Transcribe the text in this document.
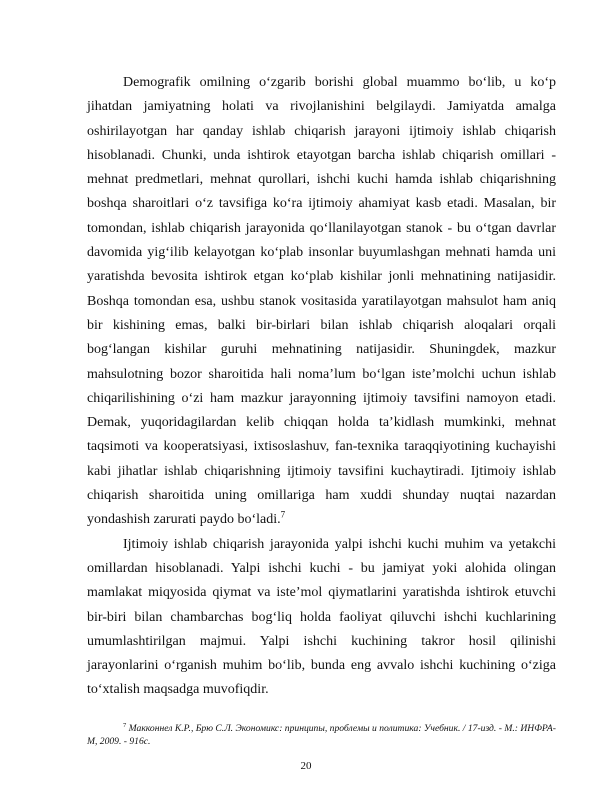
Demografik omilning o‘zgarib borishi global muammo bo‘lib, u ko‘p jihatdan jamiyatning holati va rivojlanishini belgilaydi. Jamiyatda amalga oshirilayotgan har qanday ishlab chiqarish jarayoni ijtimoiy ishlab chiqarish hisoblanadi. Chunki, unda ishtirok etayotgan barcha ishlab chiqarish omillari - mehnat predmetlari, mehnat qurollari, ishchi kuchi hamda ishlab chiqarishning boshqa sharoitlari o‘z tavsifiga ko‘ra ijtimoiy ahamiyat kasb etadi. Masalan, bir tomondan, ishlab chiqarish jarayonida qo‘llanilayotgan stanok - bu o‘tgan davrlar davomida yig‘ilib kelayotgan ko‘plab insonlar buyumlashgan mehnati hamda uni yaratishda bevosita ishtirok etgan ko‘plab kishilar jonli mehnatining natijasidir. Boshqa tomondan esa, ushbu stanok vositasida yaratilayotgan mahsulot ham aniq bir kishining emas, balki bir-birlari bilan ishlab chiqarish aloqalari orqali bog‘langan kishilar guruhi mehnatining natijasidir. Shuningdek, mazkur mahsulotning bozor sharoitida hali noma’lum bo‘lgan iste’molchi uchun ishlab chiqarilishining o‘zi ham mazkur jarayonning ijtimoiy tavsifini namoyon etadi. Demak, yuqoridagilardan kelib chiqqan holda ta’kidlash mumkinki, mehnat taqsimoti va kooperatsiyasi, ixtisoslashuv, fan-texnika taraqqiyotining kuchayishi kabi jihatlar ishlab chiqarishning ijtimoiy tavsifini kuchaytiradi. Ijtimoiy ishlab chiqarish sharoitida uning omillariga ham xuddi shunday nuqtai nazardan yondashish zarurati paydo bo‘ladi.$^7$

Ijtimoiy ishlab chiqarish jarayonida yalpi ishchi kuchi muhim va yetakchi omillardan hisoblanadi. Yalpi ishchi kuchi - bu jamiyat yoki alohida olingan mamlakat miqyosida qiymat va iste’mol qiymatlarini yaratishda ishtirok etuvchi bir-biri bilan chambarchas bog‘liq holda faoliyat qiluvchi ishchi kuchlarining umumlashtirilgan majmui. Yalpi ishchi kuchining takror hosil qilinishi jarayonlarini o‘rganish muhim bo‘lib, bunda eng avvalo ishchi kuchining o‘ziga to‘xtalish maqsadga muvofiqdir.

$^7$ Макконнел К.Р., Брю С.Л. Экономикс: принципы, проблемы и политика: Учебник. / 17-изд. - М.: ИНФРА-М, 2009. - 916с.
20
